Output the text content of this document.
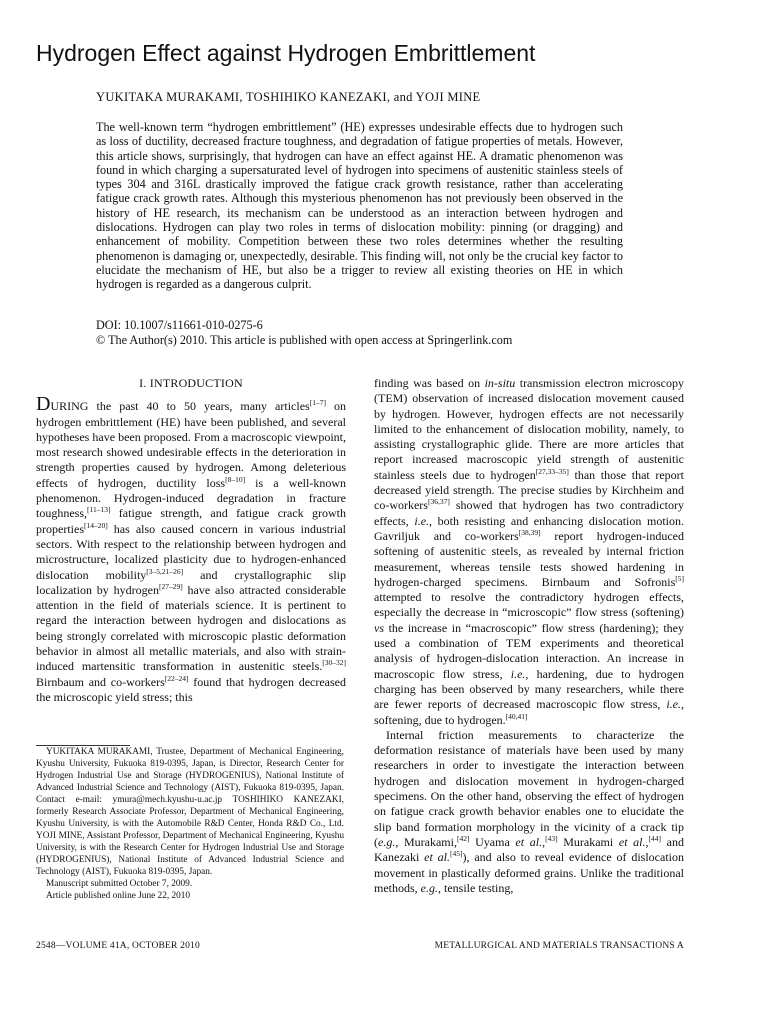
Hydrogen Effect against Hydrogen Embrittlement

YUKITAKA MURAKAMI, TOSHIHIKO KANEZAKI, and YOJI MINE

The well-known term “hydrogen embrittlement” (HE) expresses undesirable effects due to hydrogen such as loss of ductility, decreased fracture toughness, and degradation of fatigue properties of metals. However, this article shows, surprisingly, that hydrogen can have an effect against HE. A dramatic phenomenon was found in which charging a supersaturated level of hydrogen into specimens of austenitic stainless steels of types 304 and 316L drastically improved the fatigue crack growth resistance, rather than accelerating fatigue crack growth rates. Although this mysterious phenomenon has not previously been observed in the history of HE research, its mechanism can be understood as an interaction between hydrogen and dislocations. Hydrogen can play two roles in terms of dislocation mobility: pinning (or dragging) and enhancement of mobility. Competition between these two roles determines whether the resulting phenomenon is damaging or, unexpectedly, desirable. This finding will, not only be the crucial key factor to elucidate the mechanism of HE, but also be a trigger to review all existing theories on HE in which hydrogen is regarded as a dangerous culprit.

DOI: 10.1007/s11661-010-0275-6
© The Author(s) 2010. This article is published with open access at Springerlink.com
I. INTRODUCTION

DURING the past 40 to 50 years, many articles[1–7] on hydrogen embrittlement (HE) have been published, and several hypotheses have been proposed. From a macroscopic viewpoint, most research showed undesirable effects in the deterioration in strength properties caused by hydrogen. Among deleterious effects of hydrogen, ductility loss[8–10] is a well-known phenomenon. Hydrogen-induced degradation in fracture toughness,[11–13] fatigue strength, and fatigue crack growth properties[14–20] has also caused concern in various industrial sectors. With respect to the relationship between hydrogen and microstructure, localized plasticity due to hydrogen-enhanced dislocation mobility[3–5,21–26] and crystallographic slip localization by hydrogen[27–29] have also attracted considerable attention in the field of materials science. It is pertinent to regard the interaction between hydrogen and dislocations as being strongly correlated with microscopic plastic deformation behavior in almost all metallic materials, and also with strain-induced martensitic transformation in austenitic steels.[30–32] Birnbaum and co-workers[22–24] found that hydrogen decreased the microscopic yield stress; this

finding was based on in-situ transmission electron microscopy (TEM) observation of increased dislocation movement caused by hydrogen. However, hydrogen effects are not necessarily limited to the enhancement of dislocation mobility, namely, to assisting crystallographic glide. There are more articles that report increased macroscopic yield strength of austenitic stainless steels due to hydrogen[27,33–35] than those that report decreased yield strength. The precise studies by Kirchheim and co-workers[36,37] showed that hydrogen has two contradictory effects, i.e., both resisting and enhancing dislocation motion. Gavriljuk and co-workers[38,39] report hydrogen-induced softening of austenitic steels, as revealed by internal friction measurement, whereas tensile tests showed hardening in hydrogen-charged specimens. Birnbaum and Sofronis[5] attempted to resolve the contradictory hydrogen effects, especially the decrease in “microscopic” flow stress (softening) vs the increase in “macroscopic” flow stress (hardening); they used a combination of TEM experiments and theoretical analysis of hydrogen-dislocation interaction. An increase in macroscopic flow stress, i.e., hardening, due to hydrogen charging has been observed by many researchers, while there are fewer reports of decreased macroscopic flow stress, i.e., softening, due to hydrogen.[40,41]

Internal friction measurements to characterize the deformation resistance of materials have been used by many researchers in order to investigate the interaction between hydrogen and dislocation movement in hydrogen-charged specimens. On the other hand, observing the effect of hydrogen on fatigue crack growth behavior enables one to elucidate the slip band formation morphology in the vicinity of a crack tip (e.g., Murakami,[42] Uyama et al.,[43] Murakami et al.,[44] and Kanezaki et al.[45]), and also to reveal evidence of dislocation movement in plastically deformed grains. Unlike the traditional methods, e.g., tensile testing,

YUKITAKA MURAKAMI, Trustee, Department of Mechanical Engineering, Kyushu University, Fukuoka 819-0395, Japan, is Director, Research Center for Hydrogen Industrial Use and Storage (HYDROGENIUS), National Institute of Advanced Industrial Science and Technology (AIST), Fukuoka 819-0395, Japan. Contact e-mail: ymura@mech.kyushu-u.ac.jp TOSHIHIKO KANEZAKI, formerly Research Associate Professor, Department of Mechanical Engineering, Kyushu University, is with the Automobile R&D Center, Honda R&D Co., Ltd. YOJI MINE, Assistant Professor, Department of Mechanical Engineering, Kyushu University, is with the Research Center for Hydrogen Industrial Use and Storage (HYDROGENIUS), National Institute of Advanced Industrial Science and Technology (AIST), Fukuoka 819-0395, Japan.

Manuscript submitted October 7, 2009.

Article published online June 22, 2010

2548—VOLUME 41A, OCTOBER 2010	METALLURGICAL AND MATERIALS TRANSACTIONS A
